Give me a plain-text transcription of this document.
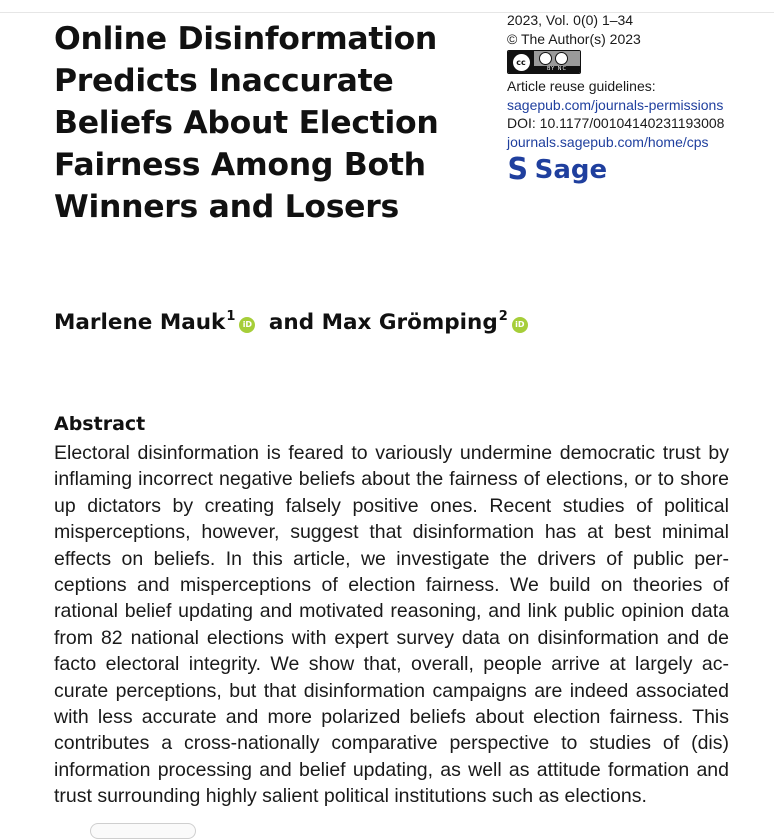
Online Disinformation Predicts Inaccurate Beliefs About Election Fairness Among Both Winners and Losers
2023, Vol. 0(0) 1–34
© The Author(s) 2023
cc
BY NC
Article reuse guidelines:
sagepub.com/journals-permissions
DOI: 10.1177/00104140231193008
journals.sagepub.com/home/cps
S Sage
Marlene Mauk$^1$iD and Max Grömping$^2$iD
Abstract

Electoral disinformation is feared to variously undermine democratic trust by inflaming incorrect negative beliefs about the fairness of elections, or to shore up dictators by creating falsely positive ones. Recent studies of political misperceptions, however, suggest that disinformation has at best minimal effects on beliefs. In this article, we investigate the drivers of public perceptions and misperceptions of election fairness. We build on theories of rational belief updating and motivated reasoning, and link public opinion data from 82 national elections with expert survey data on disinformation and de facto electoral integrity. We show that, overall, people arrive at largely accurate perceptions, but that disinformation campaigns are indeed associated with less accurate and more polarized beliefs about election fairness. This contributes a cross-nationally comparative perspective to studies of (dis) information processing and belief updating, as well as attitude formation and trust surrounding highly salient political institutions such as elections.
